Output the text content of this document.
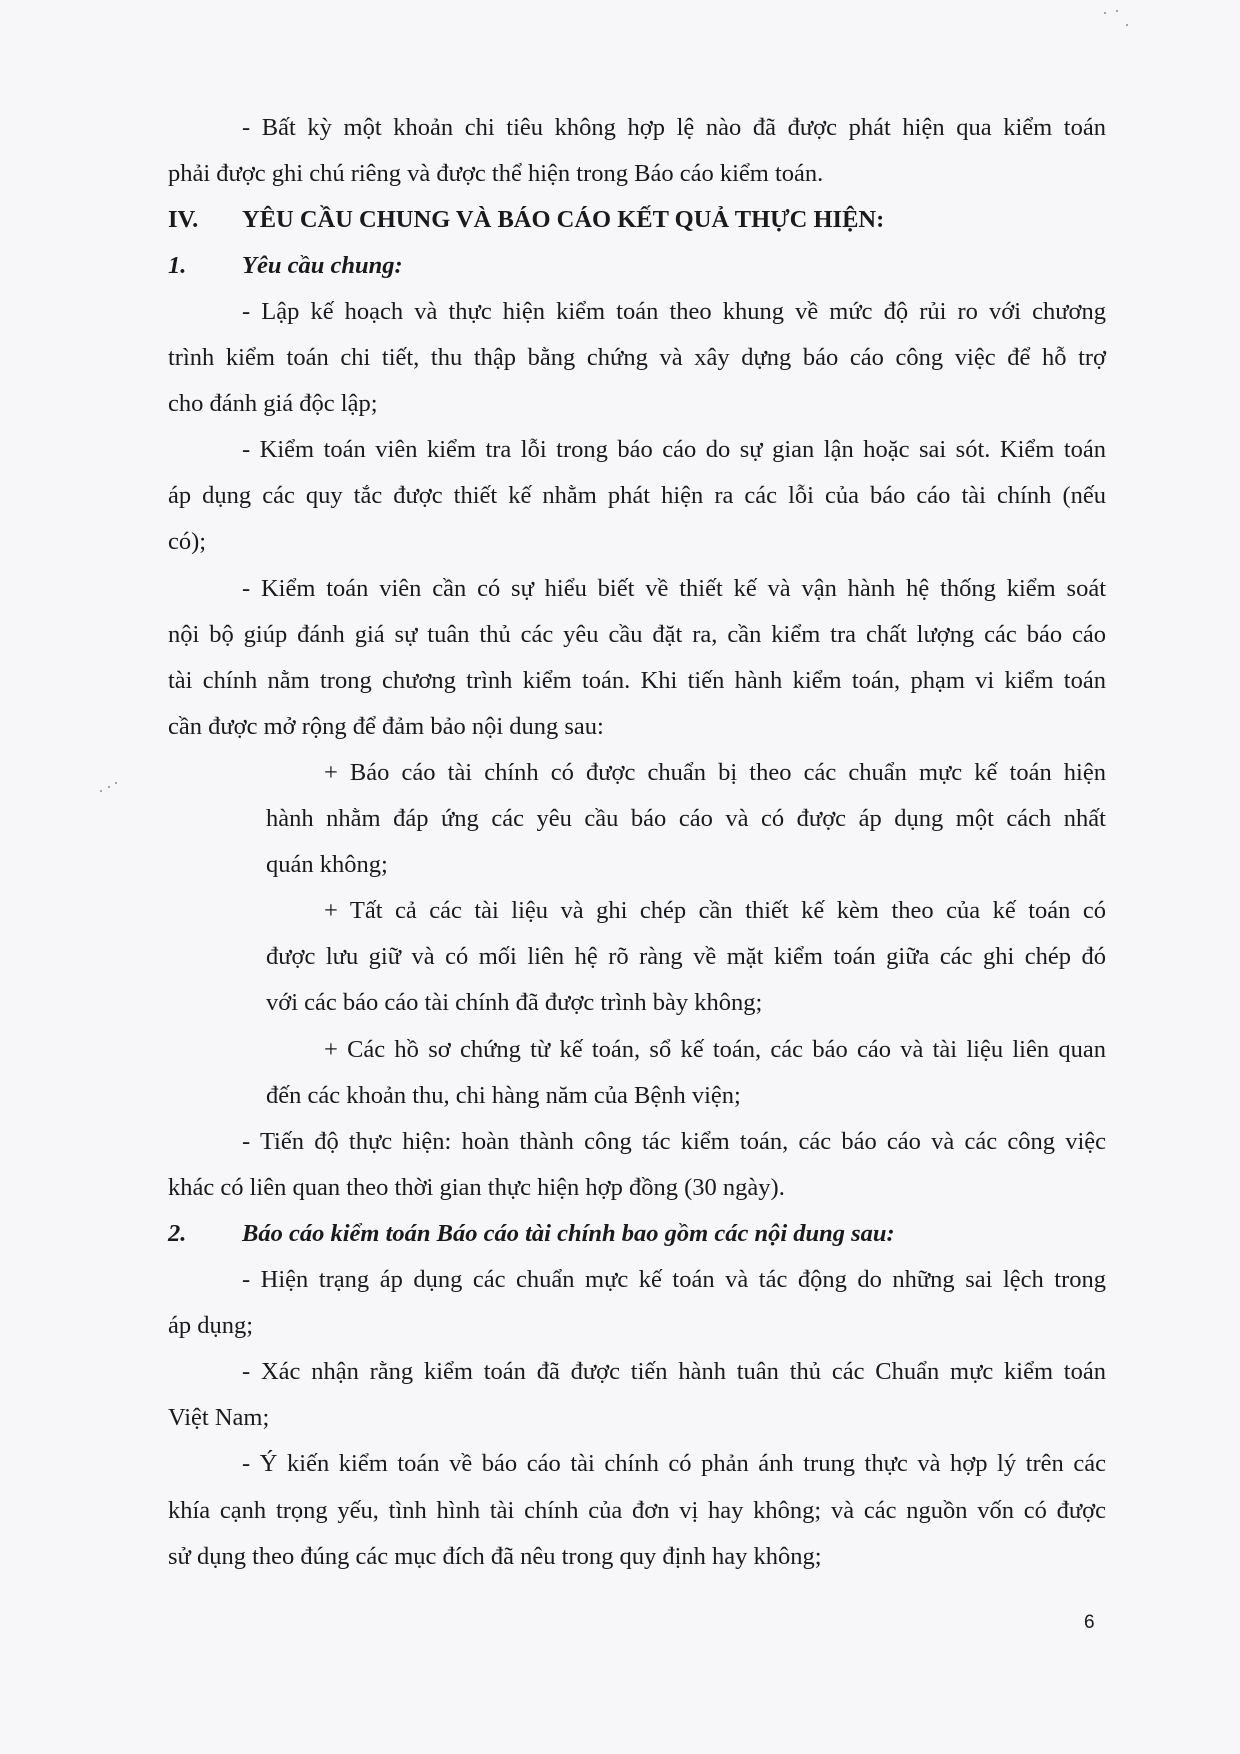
- Bất kỳ một khoản chi tiêu không hợp lệ nào đã được phát hiện qua kiểm toán
phải được ghi chú riêng và được thể hiện trong Báo cáo kiểm toán.
IV. YÊU CẦU CHUNG VÀ BÁO CÁO KẾT QUẢ THỰC HIỆN:
1. Yêu cầu chung:
- Lập kế hoạch và thực hiện kiểm toán theo khung về mức độ rủi ro với chương
trình kiểm toán chi tiết, thu thập bằng chứng và xây dựng báo cáo công việc để hỗ trợ
cho đánh giá độc lập;
- Kiểm toán viên kiểm tra lỗi trong báo cáo do sự gian lận hoặc sai sót. Kiểm toán
áp dụng các quy tắc được thiết kế nhằm phát hiện ra các lỗi của báo cáo tài chính (nếu
có);
- Kiểm toán viên cần có sự hiểu biết về thiết kế và vận hành hệ thống kiểm soát
nội bộ giúp đánh giá sự tuân thủ các yêu cầu đặt ra, cần kiểm tra chất lượng các báo cáo
tài chính nằm trong chương trình kiểm toán. Khi tiến hành kiểm toán, phạm vi kiểm toán
cần được mở rộng để đảm bảo nội dung sau:
+ Báo cáo tài chính có được chuẩn bị theo các chuẩn mực kế toán hiện
hành nhằm đáp ứng các yêu cầu báo cáo và có được áp dụng một cách nhất
quán không;
+ Tất cả các tài liệu và ghi chép cần thiết kế kèm theo của kế toán có
được lưu giữ và có mối liên hệ rõ ràng về mặt kiểm toán giữa các ghi chép đó
với các báo cáo tài chính đã được trình bày không;
+ Các hồ sơ chứng từ kế toán, sổ kế toán, các báo cáo và tài liệu liên quan
đến các khoản thu, chi hàng năm của Bệnh viện;
- Tiến độ thực hiện: hoàn thành công tác kiểm toán, các báo cáo và các công việc
khác có liên quan theo thời gian thực hiện hợp đồng (30 ngày).
2. Báo cáo kiểm toán Báo cáo tài chính bao gồm các nội dung sau:
- Hiện trạng áp dụng các chuẩn mực kế toán và tác động do những sai lệch trong
áp dụng;
- Xác nhận rằng kiểm toán đã được tiến hành tuân thủ các Chuẩn mực kiểm toán
Việt Nam;
- Ý kiến kiểm toán về báo cáo tài chính có phản ánh trung thực và hợp lý trên các
khía cạnh trọng yếu, tình hình tài chính của đơn vị hay không; và các nguồn vốn có được
sử dụng theo đúng các mục đích đã nêu trong quy định hay không;
6
